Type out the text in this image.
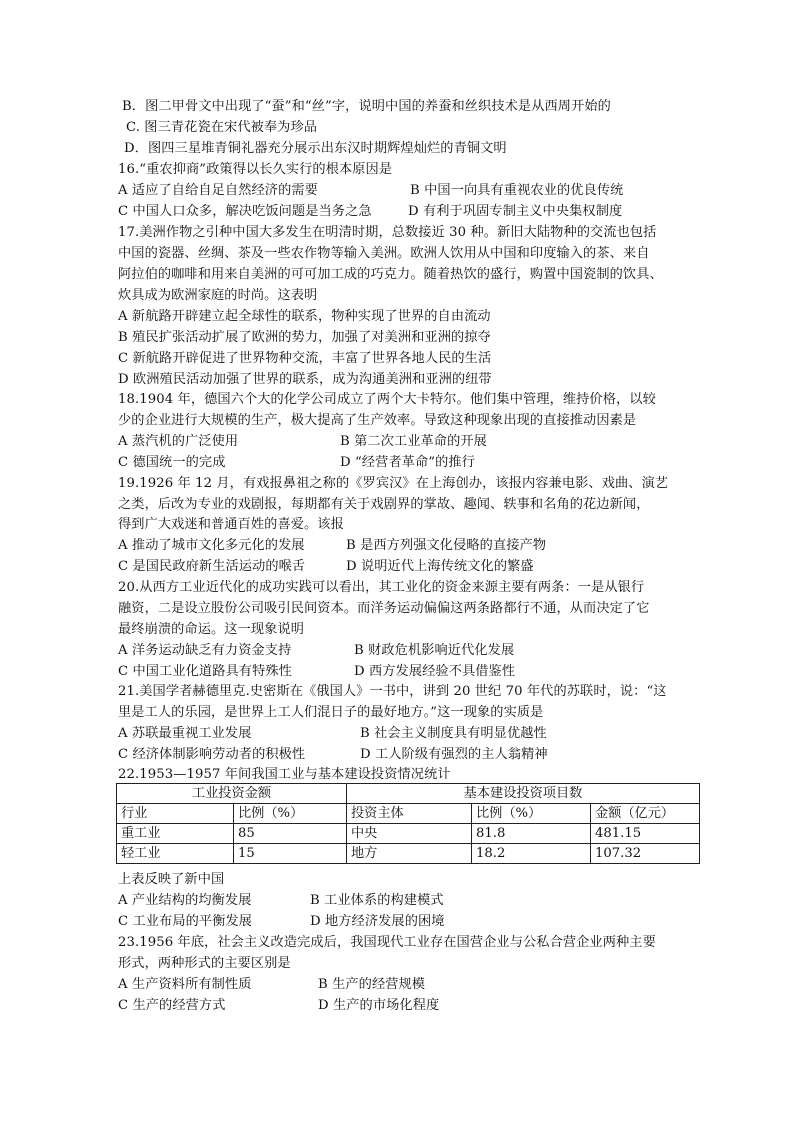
B．图二甲骨文中出现了“蚕”和“丝”字，说明中国的养蚕和丝织技术是从西周开始的
C. 图三青花瓷在宋代被奉为珍品
D．图四三星堆青铜礼器充分展示出东汉时期辉煌灿烂的青铜文明
16.“重农抑商”政策得以长久实行的根本原因是
A 适应了自给自足自然经济的需要	B 中国一向具有重视农业的优良传统
C 中国人口众多，解决吃饭问题是当务之急	D 有利于巩固专制主义中央集权制度
17.美洲作物之引种中国大多发生在明清时期，总数接近 30 种。新旧大陆物种的交流也包括
中国的瓷器、丝绸、茶及一些农作物等输入美洲。欧洲人饮用从中国和印度输入的茶、来自
阿拉伯的咖啡和用来自美洲的可可加工成的巧克力。随着热饮的盛行，购置中国瓷制的饮具、
炊具成为欧洲家庭的时尚。这表明
A 新航路开辟建立起全球性的联系，物种实现了世界的自由流动
B 殖民扩张活动扩展了欧洲的势力，加强了对美洲和亚洲的掠夺
C 新航路开辟促进了世界物种交流，丰富了世界各地人民的生活
D 欧洲殖民活动加强了世界的联系，成为沟通美洲和亚洲的纽带
18.1904 年，德国六个大的化学公司成立了两个大卡特尔。他们集中管理，维持价格，以较
少的企业进行大规模的生产，极大提高了生产效率。导致这种现象出现的直接推动因素是
A 蒸汽机的广泛使用	B 第二次工业革命的开展
C 德国统一的完成	D “经营者革命”的推行
19.1926 年 12 月，有戏报鼻祖之称的《罗宾汉》在上海创办，该报内容兼电影、戏曲、演艺
之类，后改为专业的戏剧报，每期都有关于戏剧界的掌故、趣闻、轶事和名角的花边新闻，
得到广大戏迷和普通百姓的喜爱。该报
A 推动了城市文化多元化的发展	B 是西方列强文化侵略的直接产物
C 是国民政府新生活运动的喉舌	D 说明近代上海传统文化的繁盛
20.从西方工业近代化的成功实践可以看出，其工业化的资金来源主要有两条：一是从银行
融资，二是设立股份公司吸引民间资本。而洋务运动偏偏这两条路都行不通，从而决定了它
最终崩溃的命运。这一现象说明
A 洋务运动缺乏有力资金支持	B 财政危机影响近代化发展
C 中国工业化道路具有特殊性	D 西方发展经验不具借鉴性
21.美国学者赫德里克.史密斯在《俄国人》一书中，讲到 20 世纪 70 年代的苏联时，说：“这
里是工人的乐园，是世界上工人们混日子的最好地方。”这一现象的实质是
A 苏联最重视工业发展	B 社会主义制度具有明显优越性
C 经济体制影响劳动者的积极性	D 工人阶级有强烈的主人翁精神
22.1953—1957 年间我国工业与基本建设投资情况统计
工业投资金额		基本建设投资项目数		
行业	比例（%）	投资主体	比例（%）	金额（亿元）
重工业	85	中央	81.8	481.15
轻工业	15	地方	18.2	107.32
上表反映了新中国
A 产业结构的均衡发展	B 工业体系的构建模式
C 工业布局的平衡发展	D 地方经济发展的困境
23.1956 年底，社会主义改造完成后，我国现代工业存在国营企业与公私合营企业两种主要
形式，两种形式的主要区别是
A 生产资料所有制性质	B 生产的经营规模
C 生产的经营方式	D 生产的市场化程度
